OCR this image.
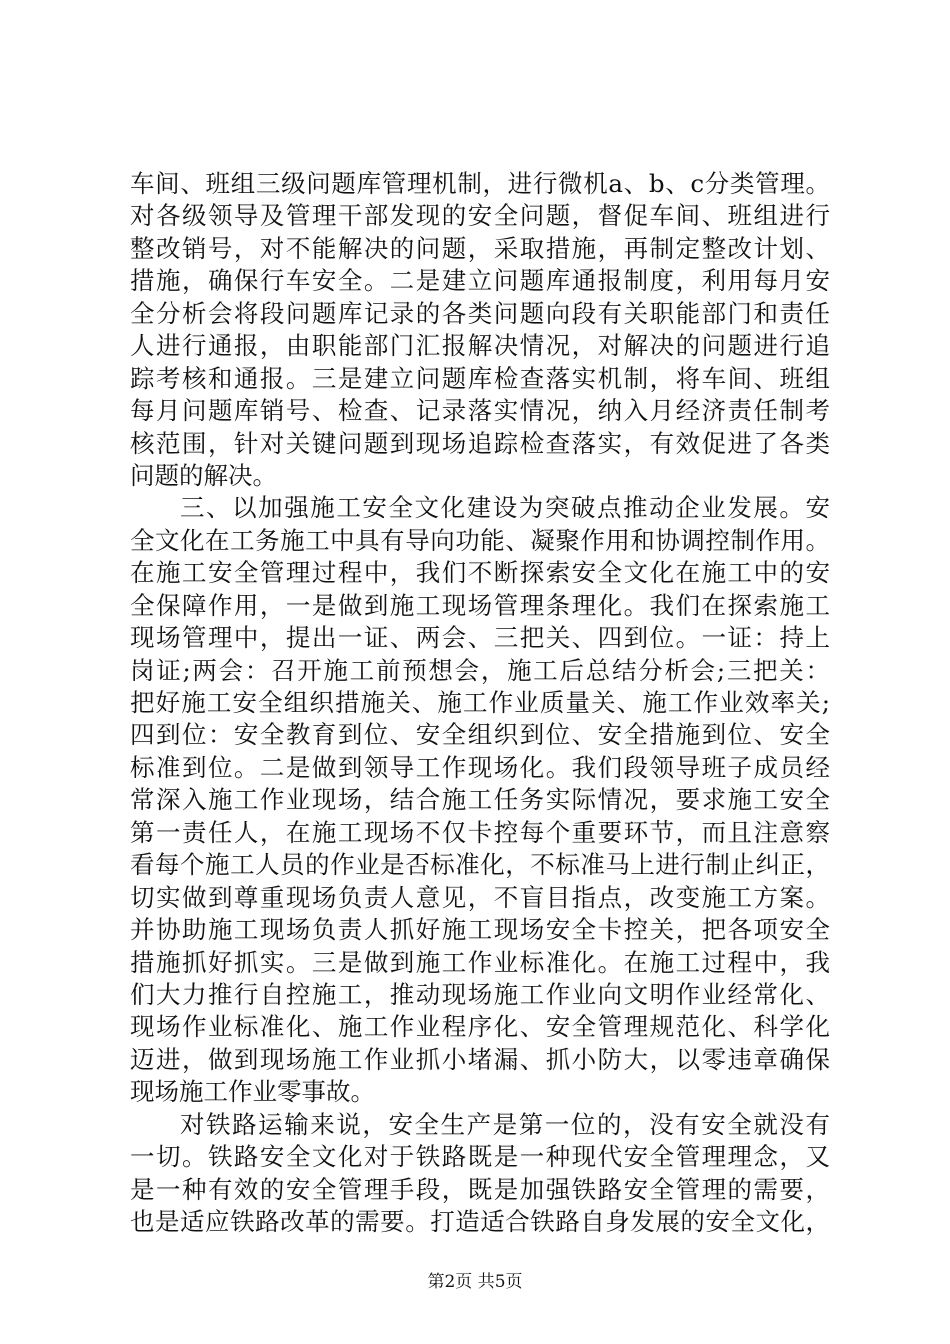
车间、班组三级问题库管理机制，进行微机a、b、c分类管理。
对各级领导及管理干部发现的安全问题，督促车间、班组进行
整改销号，对不能解决的问题，采取措施，再制定整改计划、
措施，确保行车安全。二是建立问题库通报制度，利用每月安
全分析会将段问题库记录的各类问题向段有关职能部门和责任
人进行通报，由职能部门汇报解决情况，对解决的问题进行追
踪考核和通报。三是建立问题库检查落实机制，将车间、班组
每月问题库销号、检查、记录落实情况，纳入月经济责任制考
核范围，针对关键问题到现场追踪检查落实，有效促进了各类
问题的解决。
三、以加强施工安全文化建设为突破点推动企业发展。安
全文化在工务施工中具有导向功能、凝聚作用和协调控制作用。
在施工安全管理过程中，我们不断探索安全文化在施工中的安
全保障作用，一是做到施工现场管理条理化。我们在探索施工
现场管理中，提出一证、两会、三把关、四到位。一证：持上
岗证;两会：召开施工前预想会，施工后总结分析会;三把关：
把好施工安全组织措施关、施工作业质量关、施工作业效率关;
四到位：安全教育到位、安全组织到位、安全措施到位、安全
标准到位。二是做到领导工作现场化。我们段领导班子成员经
常深入施工作业现场，结合施工任务实际情况，要求施工安全
第一责任人，在施工现场不仅卡控每个重要环节，而且注意察
看每个施工人员的作业是否标准化，不标准马上进行制止纠正，
切实做到尊重现场负责人意见，不盲目指点，改变施工方案。
并协助施工现场负责人抓好施工现场安全卡控关，把各项安全
措施抓好抓实。三是做到施工作业标准化。在施工过程中，我
们大力推行自控施工，推动现场施工作业向文明作业经常化、
现场作业标准化、施工作业程序化、安全管理规范化、科学化
迈进，做到现场施工作业抓小堵漏、抓小防大，以零违章确保
现场施工作业零事故。
对铁路运输来说，安全生产是第一位的，没有安全就没有
一切。铁路安全文化对于铁路既是一种现代安全管理理念，又
是一种有效的安全管理手段，既是加强铁路安全管理的需要，
也是适应铁路改革的需要。打造适合铁路自身发展的安全文化，
第2页 共5页
